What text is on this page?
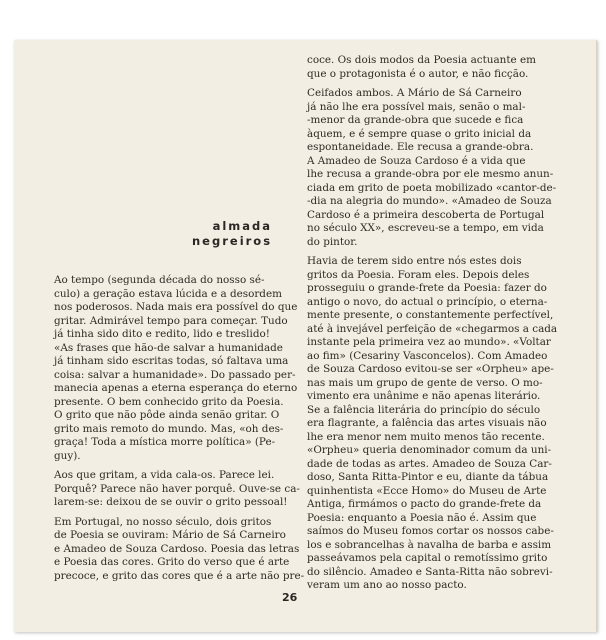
almada
negreiros

Ao tempo (segunda década do nosso sé-

culo) a geração estava lúcida e a desordem

nos poderosos. Nada mais era possível do que

gritar. Admirável tempo para começar. Tudo

já tinha sido dito e redito, lido e treslido!

«As frases que hão-de salvar a humanidade

já tinham sido escritas todas, só faltava uma

coisa: salvar a humanidade». Do passado per-

manecia apenas a eterna esperança do eterno

presente. O bem conhecido grito da Poesia.

O grito que não pôde ainda senão gritar. O

grito mais remoto do mundo. Mas, «oh des-

graça! Toda a mística morre política» (Pe-

guy).

Aos que gritam, a vida cala-os. Parece lei.

Porquê? Parece não haver porquê. Ouve-se ca-

larem-se: deixou de se ouvir o grito pessoal!

Em Portugal, no nosso século, dois gritos

de Poesia se ouviram: Mário de Sá Carneiro

e Amadeo de Souza Cardoso. Poesia das letras

e Poesia das cores. Grito do verso que é arte

precoce, e grito das cores que é a arte não pre-

coce. Os dois modos da Poesia actuante em

que o protagonista é o autor, e não ficção.

Ceifados ambos. A Mário de Sá Carneiro

já não lhe era possível mais, senão o mal-

-menor da grande-obra que sucede e fica

àquem, e é sempre quase o grito inicial da

espontaneidade. Ele recusa a grande-obra.

A Amadeo de Souza Cardoso é a vida que

lhe recusa a grande-obra por ele mesmo anun-

ciada em grito de poeta mobilizado «cantor-de-

-dia na alegria do mundo». «Amadeo de Souza

Cardoso é a primeira descoberta de Portugal

no século XX», escreveu-se a tempo, em vida

do pintor.

Havia de terem sido entre nós estes dois

gritos da Poesia. Foram eles. Depois deles

prosseguiu o grande-frete da Poesia: fazer do

antigo o novo, do actual o princípio, o eterna-

mente presente, o constantemente perfectível,

até à invejável perfeição de «chegarmos a cada

instante pela primeira vez ao mundo». «Voltar

ao fim» (Cesariny Vasconcelos). Com Amadeo

de Souza Cardoso evitou-se ser «Orpheu» ape-

nas mais um grupo de gente de verso. O mo-

vimento era unânime e não apenas literário.

Se a falência literária do princípio do século

era flagrante, a falência das artes visuais não

lhe era menor nem muito menos tão recente.

«Orpheu» queria denominador comum da uni-

dade de todas as artes. Amadeo de Souza Car-

doso, Santa Ritta-Pintor e eu, diante da tábua

quinhentista «Ecce Homo» do Museu de Arte

Antiga, firmámos o pacto do grande-frete da

Poesia: enquanto a Poesia não é. Assim que

saímos do Museu fomos cortar os nossos cabe-

los e sobrancelhas à navalha de barba e assim

passeávamos pela capital o remotíssimo grito

do silêncio. Amadeo e Santa-Ritta não sobrevi-

veram um ano ao nosso pacto.

26
